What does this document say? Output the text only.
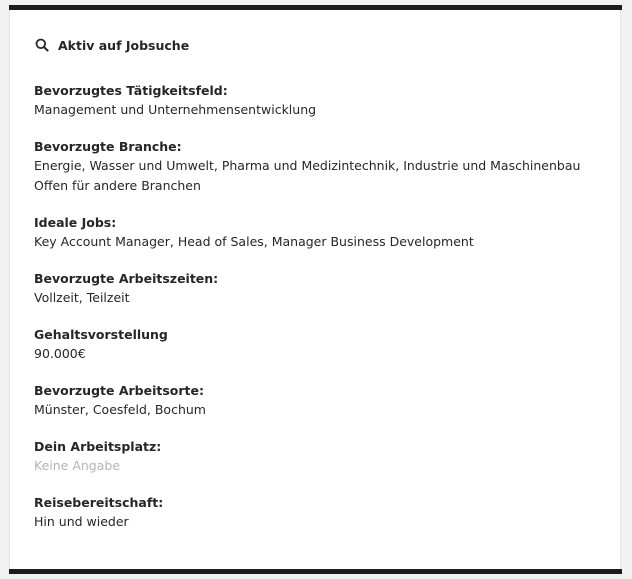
Aktiv auf Jobsuche
Bevorzugtes Tätigkeitsfeld:
Management und Unternehmensentwicklung
Bevorzugte Branche:
Energie, Wasser und Umwelt, Pharma und Medizintechnik, Industrie und Maschinenbau
Offen für andere Branchen
Ideale Jobs:
Key Account Manager, Head of Sales, Manager Business Development
Bevorzugte Arbeitszeiten:
Vollzeit, Teilzeit
Gehaltsvorstellung
90.000€
Bevorzugte Arbeitsorte:
Münster, Coesfeld, Bochum
Dein Arbeitsplatz:
Keine Angabe
Reisebereitschaft:
Hin und wieder
